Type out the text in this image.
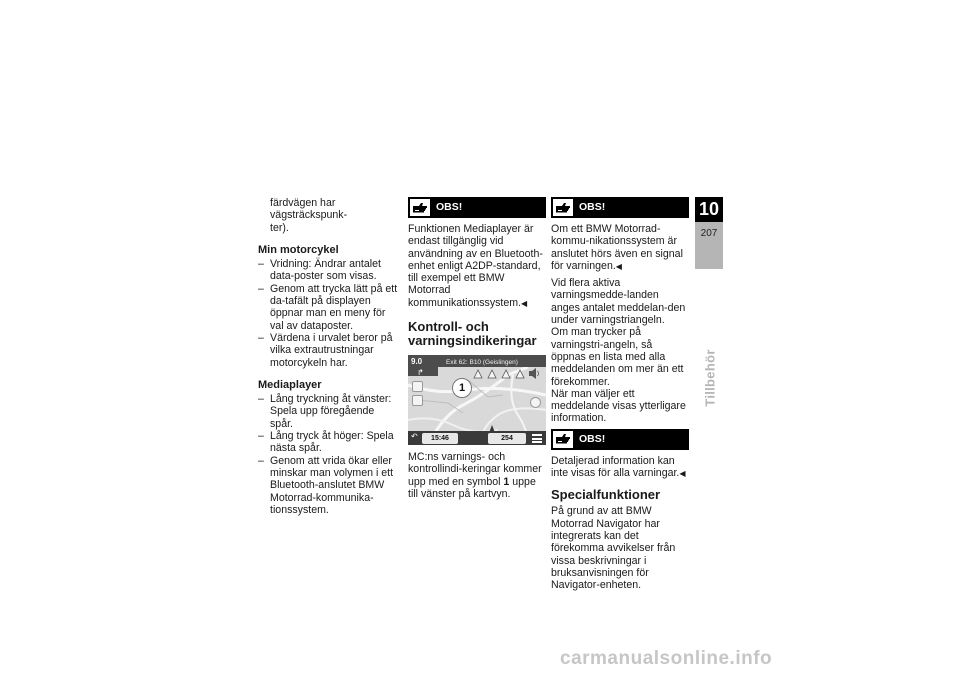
färdvägen har vägsträckspunk-
ter).
Min motorcykel
– Vridning: Ändrar antalet data-poster som visas.
– Genom att trycka lätt på ett da-tafält på displayen öppnar man en meny för val av dataposter.
– Värdena i urvalet beror på vilka extrautrustningar motorcykeln har.
Mediaplayer
– Lång tryckning åt vänster: Spela upp föregående spår.
– Lång tryck åt höger: Spela nästa spår.
– Genom att vrida ökar eller minskar man volymen i ett Bluetooth-anslutet BMW Motorrad-kommunika-tionssystem.
OBS!
Funktionen Mediaplayer är endast tillgänglig vid användning av en Bluetooth-enhet enligt A2DP-standard, till exempel ett BMW Motorrad kommunikationssystem.◀
Kontroll- och varningsindikeringar
9.0	Exit 62: B10 (Geislingen)
↱
1
↶	15:46	254
MC:ns varnings- och kontrollindi-keringar kommer upp med en symbol 1 uppe till vänster på kartvyn.
OBS!
Om ett BMW Motorrad-kommu-nikationssystem är anslutet hörs även en signal för varningen.◀
Vid flera aktiva varningsmedde-landen anges antalet meddelan-den under varningstriangeln.
Om man trycker på varningstri-angeln, så öppnas en lista med alla meddelanden om mer än ett förekommer.
När man väljer ett meddelande visas ytterligare information.
OBS!
Detaljerad information kan inte visas för alla varningar.◀
Specialfunktioner
På grund av att BMW Motorrad Navigator har integrerats kan det förekomma avvikelser från vissa beskrivningar i bruksanvisningen för Navigator-enheten.
10
207
Tillbehör
carmanualsonline.info
